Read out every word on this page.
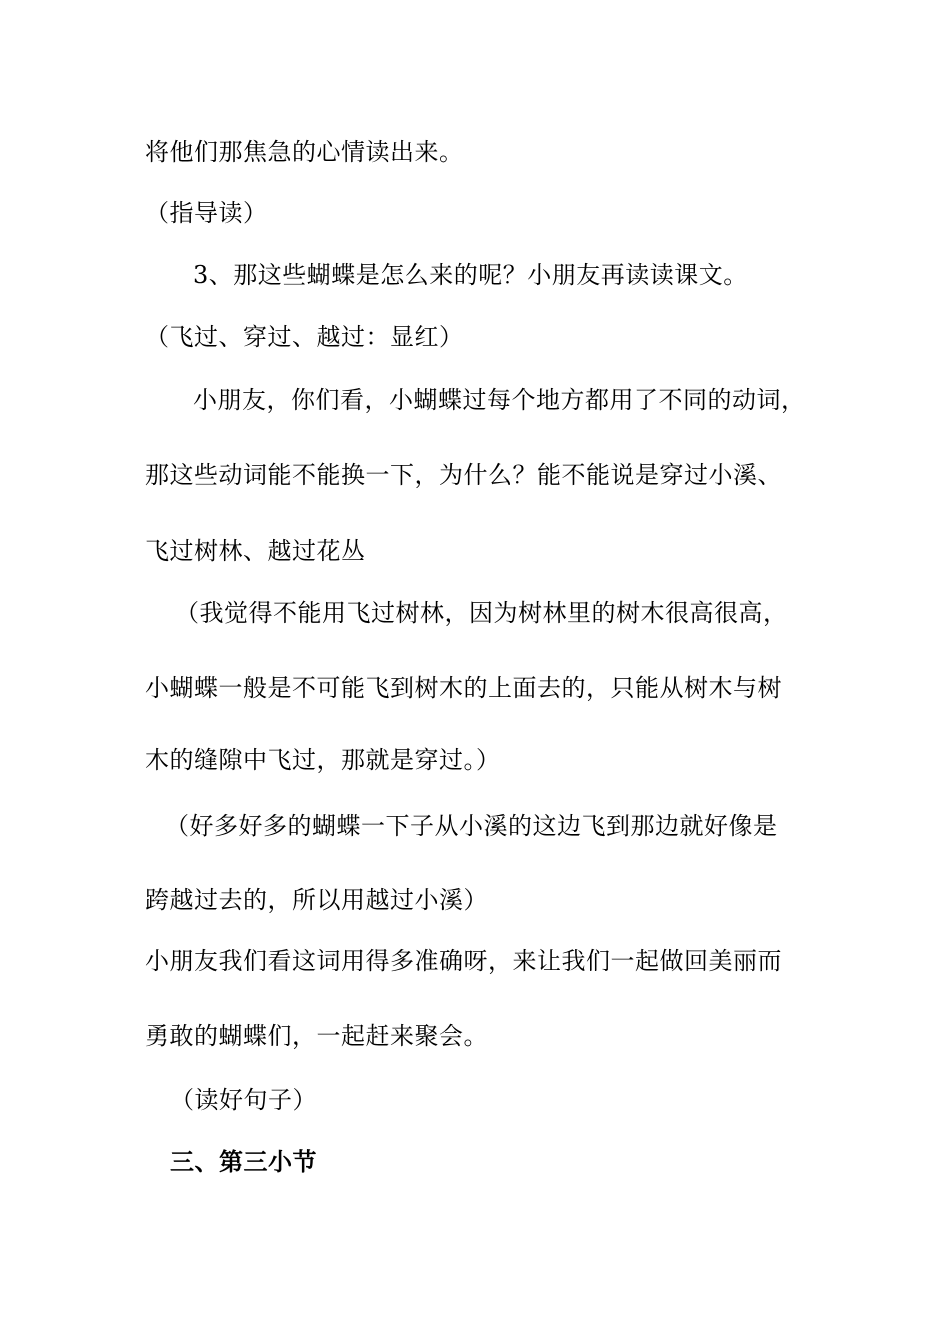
将他们那焦急的心情读出来。
（指导读）
3、那这些蝴蝶是怎么来的呢？小朋友再读读课文。
（飞过、穿过、越过：显红）
小朋友，你们看，小蝴蝶过每个地方都用了不同的动词，
那这些动词能不能换一下，为什么？能不能说是穿过小溪、
飞过树林、越过花丛
（我觉得不能用飞过树林，因为树林里的树木很高很高，
小蝴蝶一般是不可能飞到树木的上面去的，只能从树木与树
木的缝隙中飞过，那就是穿过。）
（好多好多的蝴蝶一下子从小溪的这边飞到那边就好像是
跨越过去的，所以用越过小溪）
小朋友我们看这词用得多准确呀，来让我们一起做回美丽而
勇敢的蝴蝶们，一起赶来聚会。
（读好句子）
三、第三小节
